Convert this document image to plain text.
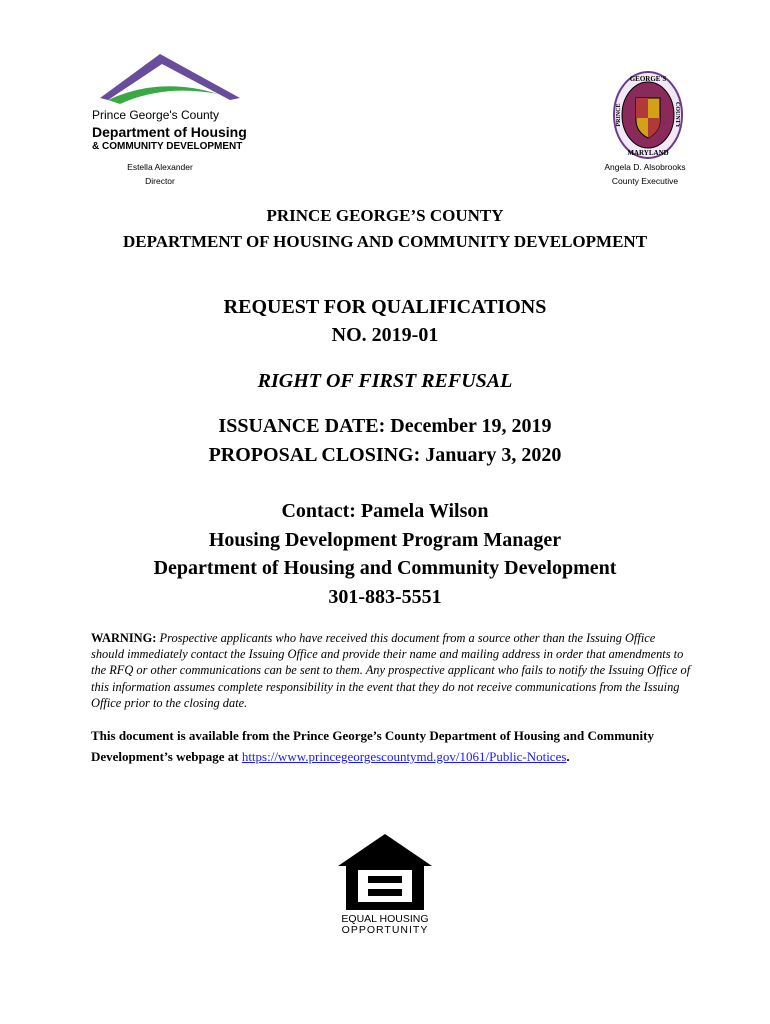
Prince George's County
Department of Housing
& COMMUNITY DEVELOPMENT
Estella Alexander
Director
GEORGE'S
MARYLAND
PRINCE	COUNTY
Angela D. Alsobrooks
County Executive
PRINCE GEORGE’S COUNTY
DEPARTMENT OF HOUSING AND COMMUNITY DEVELOPMENT
REQUEST FOR QUALIFICATIONS
NO. 2019-01
RIGHT OF FIRST REFUSAL
ISSUANCE DATE: December 19, 2019
PROPOSAL CLOSING: January 3, 2020
Contact: Pamela Wilson
Housing Development Program Manager
Department of Housing and Community Development
301-883-5551
WARNING: Prospective applicants who have received this document from a source other than the Issuing Office should immediately contact the Issuing Office and provide their name and mailing address in order that amendments to the RFQ or other communications can be sent to them. Any prospective applicant who fails to notify the Issuing Office of this information assumes complete responsibility in the event that they do not receive communications from the Issuing Office prior to the closing date.
This document is available from the Prince George’s County Department of Housing and Community Development’s webpage at https://www.princegeorgescountymd.gov/1061/Public-Notices.
EQUAL HOUSING
OPPORTUNITY
